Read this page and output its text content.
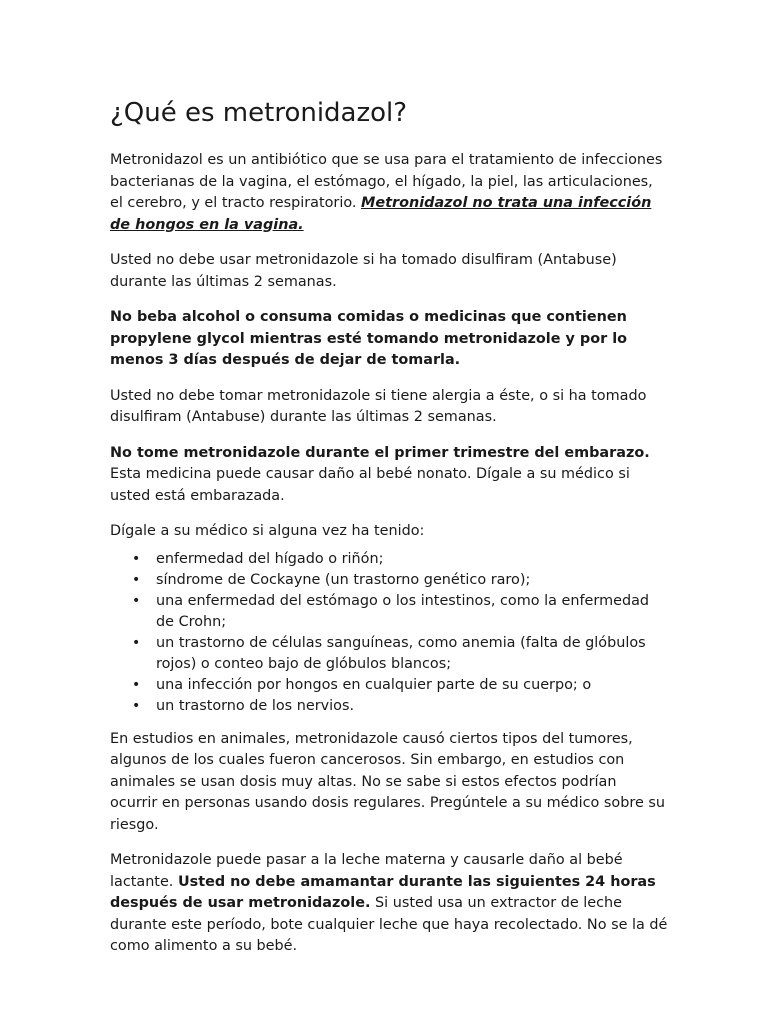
¿Qué es metronidazol?

Metronidazol es un antibiótico que se usa para el tratamiento de infecciones bacterianas de la vagina, el estómago, el hígado, la piel, las articulaciones, el cerebro, y el tracto respiratorio. Metronidazol no trata una infección de hongos en la vagina.

Usted no debe usar metronidazole si ha tomado disulfiram (Antabuse) durante las últimas 2 semanas.

No beba alcohol o consuma comidas o medicinas que contienen propylene glycol mientras esté tomando metronidazole y por lo menos 3 días después de dejar de tomarla.

Usted no debe tomar metronidazole si tiene alergia a éste, o si ha tomado disulfiram (Antabuse) durante las últimas 2 semanas.

No tome metronidazole durante el primer trimestre del embarazo. Esta medicina puede causar daño al bebé nonato. Dígale a su médico si usted está embarazada.

Dígale a su médico si alguna vez ha tenido:

• enfermedad del hígado o riñón;
• síndrome de Cockayne (un trastorno genético raro);
• una enfermedad del estómago o los intestinos, como la enfermedad de Crohn;
• un trastorno de células sanguíneas, como anemia (falta de glóbulos rojos) o conteo bajo de glóbulos blancos;
• una infección por hongos en cualquier parte de su cuerpo; o
• un trastorno de los nervios.

En estudios en animales, metronidazole causó ciertos tipos del tumores, algunos de los cuales fueron cancerosos. Sin embargo, en estudios con animales se usan dosis muy altas. No se sabe si estos efectos podrían ocurrir en personas usando dosis regulares. Pregúntele a su médico sobre su riesgo.

Metronidazole puede pasar a la leche materna y causarle daño al bebé lactante. Usted no debe amamantar durante las siguientes 24 horas después de usar metronidazole. Si usted usa un extractor de leche durante este período, bote cualquier leche que haya recolectado. No se la dé como alimento a su bebé.
